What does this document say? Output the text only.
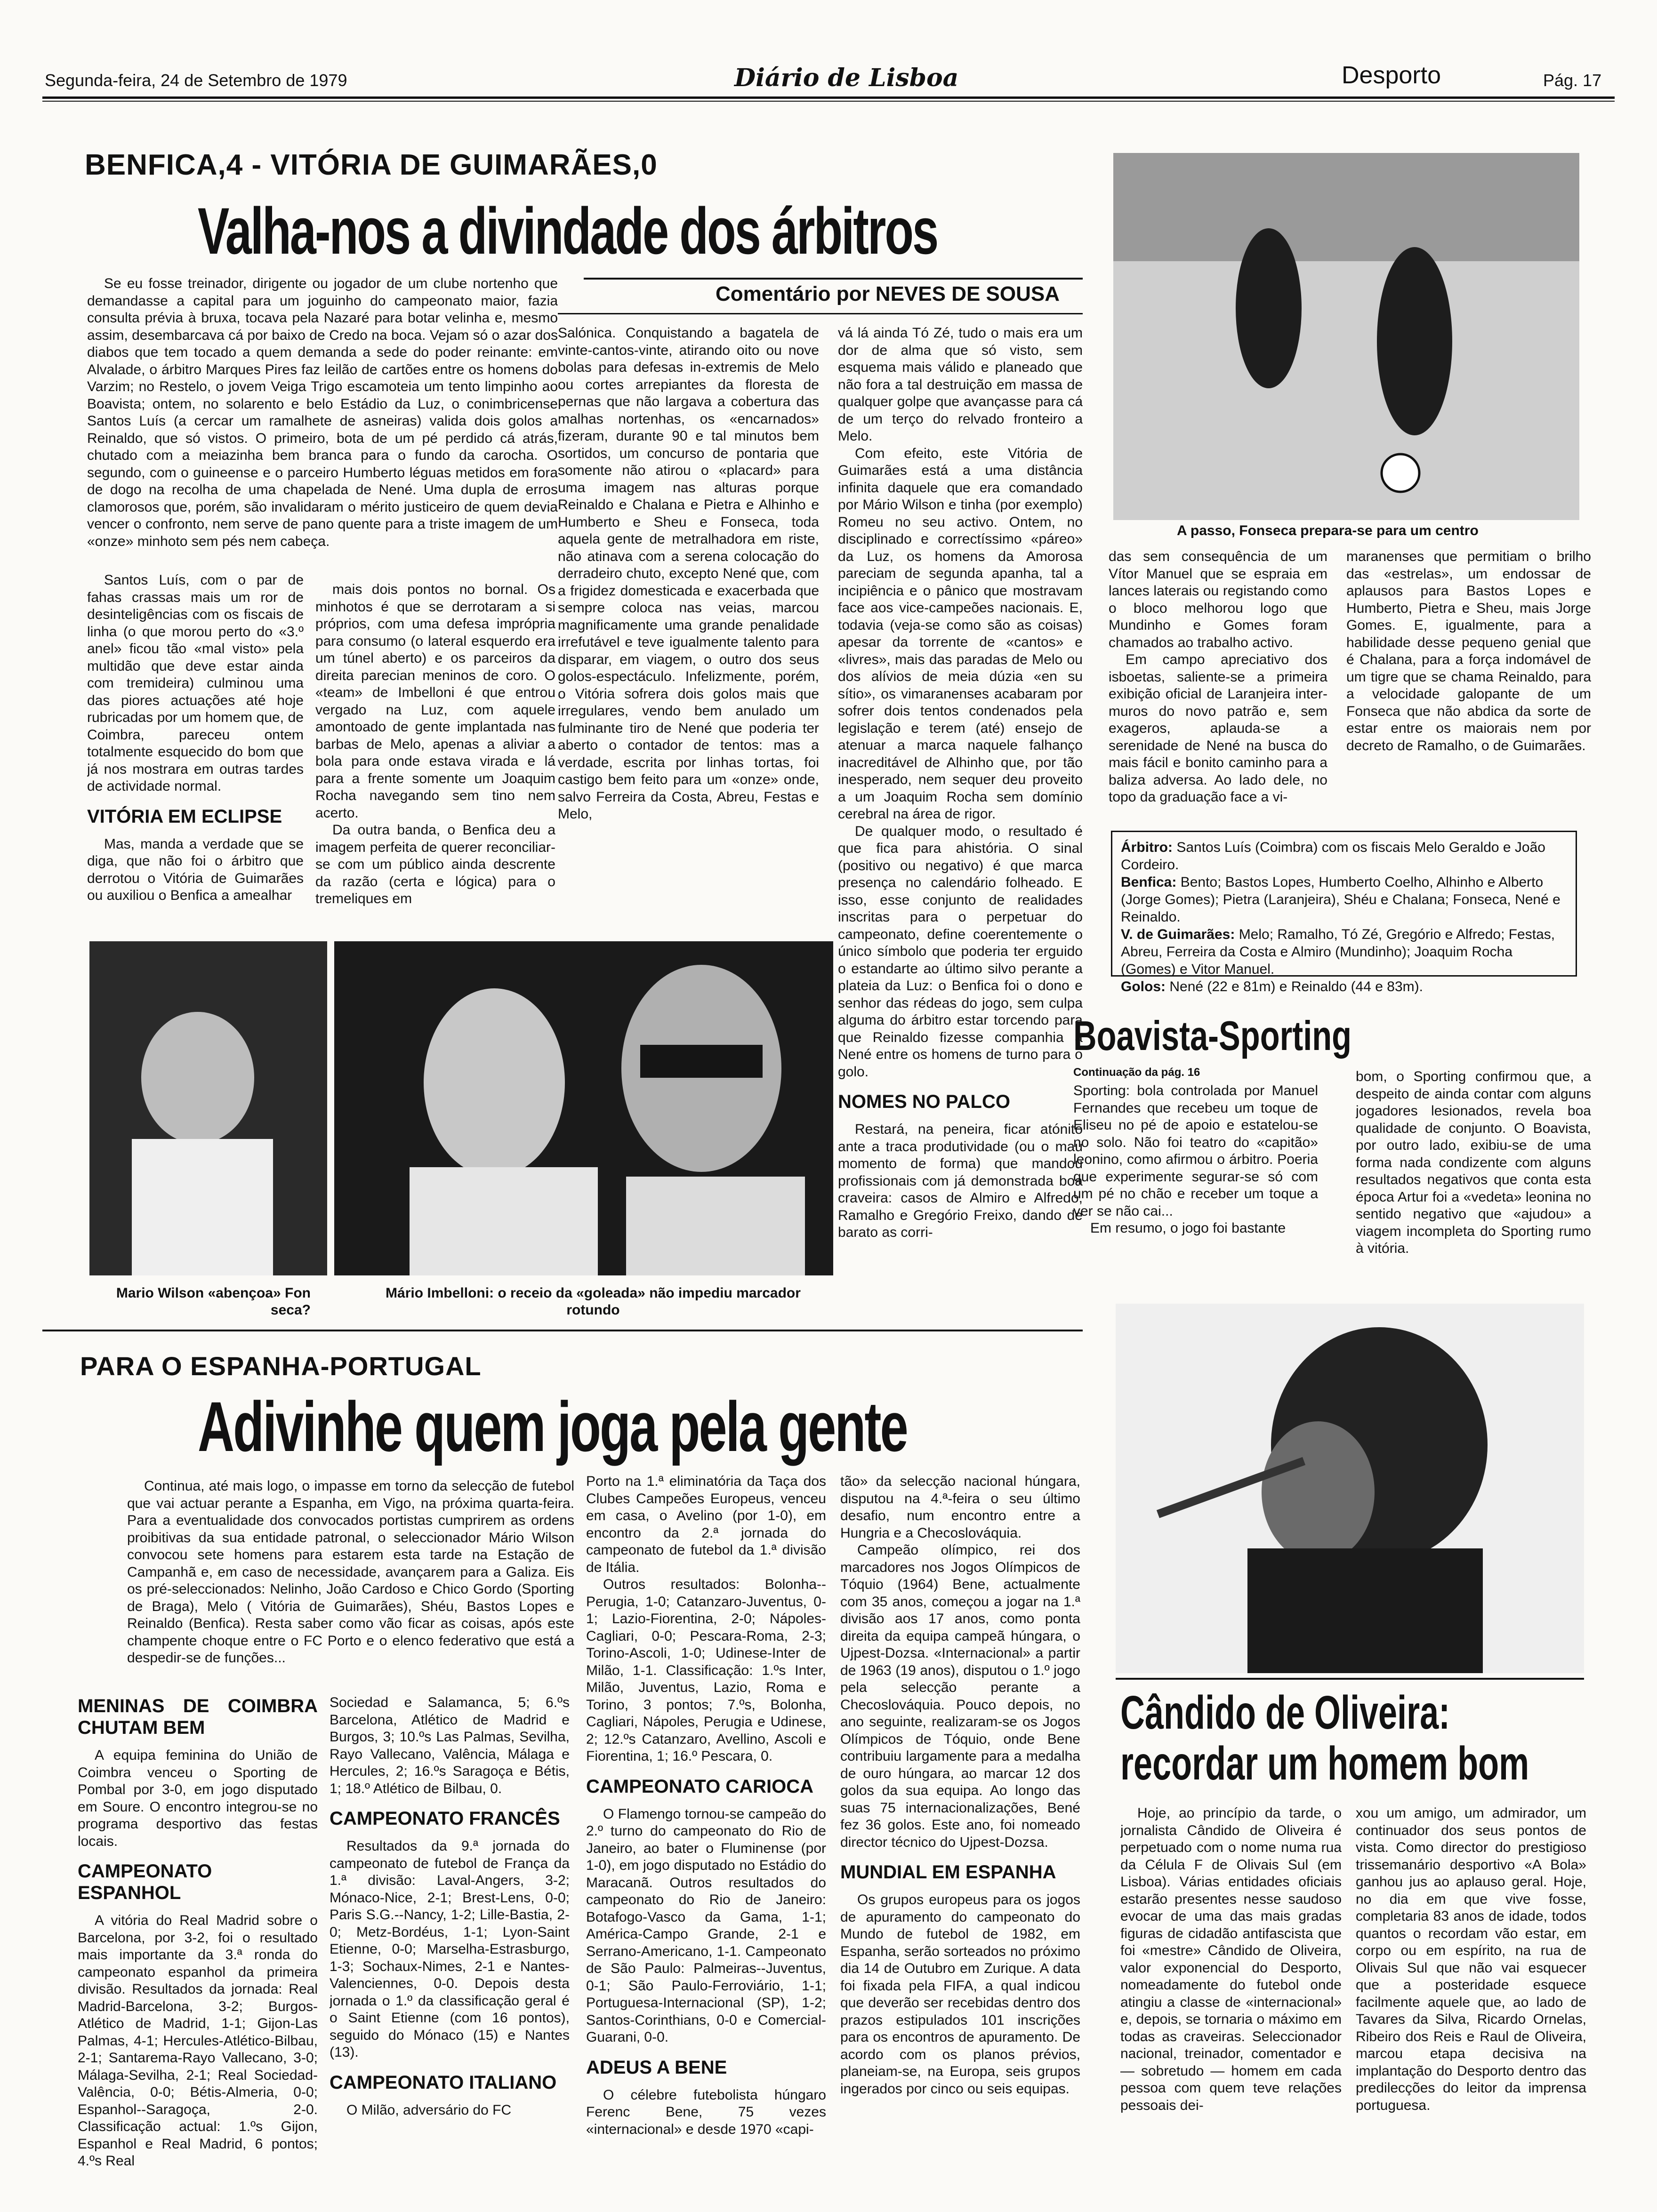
Segunda-feira, 24 de Setembro de 1979	Diário de Lisboa	Desporto	Pág. 17
BENFICA,4 - VITÓRIA DE GUIMARÃES,0
Valha-nos a divindade dos árbitros
Comentário por NEVES DE SOUSA

Se eu fosse treinador, dirigente ou jogador de um clube nortenho que demandasse a capital para um joguinho do campeonato maior, fazia consulta prévia à bruxa, tocava pela Nazaré para botar velinha e, mesmo assim, desembarcava cá por baixo de Credo na boca. Vejam só o azar dos diabos que tem tocado a quem demanda a sede do poder reinante: em Alvalade, o árbitro Marques Pires faz leilão de cartões entre os homens do Varzim; no Restelo, o jovem Veiga Trigo escamoteia um tento limpinho ao Boavista; ontem, no solarento e belo Estádio da Luz, o conimbricense Santos Luís (a cercar um ramalhete de asneiras) valida dois golos a Reinaldo, que só vistos. O primeiro, bota de um pé perdido cá atrás, chutado com a meiazinha bem branca para o fundo da carocha. O segundo, com o guineense e o parceiro Humberto léguas metidos em fora de dogo na recolha de uma chapelada de Nené. Uma dupla de erros clamorosos que, porém, são invalidaram o mérito justiceiro de quem devia vencer o confronto, nem serve de pano quente para a triste imagem de um «onze» minhoto sem pés nem cabeça.

Santos Luís, com o par de fahas crassas mais um ror de desinteligências com os fiscais de linha (o que morou perto do «3.º anel» ficou tão «mal visto» pela multidão que deve estar ainda com tremideira) culminou uma das piores actuações até hoje rubricadas por um homem que, de Coimbra, pareceu ontem totalmente esquecido do bom que já nos mostrara em outras tardes de actividade normal.

VITÓRIA EM ECLIPSE

Mas, manda a verdade que se diga, que não foi o árbitro que derrotou o Vitória de Guimarães ou auxiliou o Benfica a amealhar

mais dois pontos no bornal. Os minhotos é que se derrotaram a si próprios, com uma defesa imprópria para consumo (o lateral esquerdo era um túnel aberto) e os parceiros da direita parecian meninos de coro. O «team» de Imbelloni é que entrou vergado na Luz, com aquele amontoado de gente implantada nas barbas de Melo, apenas a aliviar a bola para onde estava virada e lá para a frente somente um Joaquim Rocha navegando sem tino nem acerto.

Da outra banda, o Benfica deu a imagem perfeita de querer reconciliar-se com um público ainda descrente da razão (certa e lógica) para o tremeliques em

Salónica. Conquistando a bagatela de vinte-cantos-vinte, atirando oito ou nove bolas para defesas in-extremis de Melo ou cortes arrepiantes da floresta de pernas que não largava a cobertura das malhas nortenhas, os «encarnados» fizeram, durante 90 e tal minutos bem sortidos, um concurso de pontaria que somente não atirou o «placard» para uma imagem nas alturas porque Reinaldo e Chalana e Pietra e Alhinho e Humberto e Sheu e Fonseca, toda aquela gente de metralhadora em riste, não atinava com a serena colocação do derradeiro chuto, excepto Nené que, com a frigidez domesticada e exacerbada que sempre coloca nas veias, marcou magnificamente uma grande penalidade irrefutável e teve igualmente talento para disparar, em viagem, o outro dos seus golos-espectáculo. Infelizmente, porém, o Vitória sofrera dois golos mais que irregulares, vendo bem anulado um fulminante tiro de Nené que poderia ter aberto o contador de tentos: mas a verdade, escrita por linhas tortas, foi castigo bem feito para um «onze» onde, salvo Ferreira da Costa, Abreu, Festas e Melo,

vá lá ainda Tó Zé, tudo o mais era um dor de alma que só visto, sem esquema mais válido e planeado que não fora a tal destruição em massa de qualquer golpe que avançasse para cá de um terço do relvado fronteiro a Melo.

Com efeito, este Vitória de Guimarães está a uma distância infinita daquele que era comandado por Mário Wilson e tinha (por exemplo) Romeu no seu activo. Ontem, no disciplinado e correctíssimo «páreo» da Luz, os homens da Amorosa pareciam de segunda apanha, tal a incipiência e o pânico que mostravam face aos vice-campeões nacionais. E, todavia (veja-se como são as coisas) apesar da torrente de «cantos» e «livres», mais das paradas de Melo ou dos alívios de meia dúzia «en su sítio», os vimaranenses acabaram por sofrer dois tentos condenados pela legislação e terem (até) ensejo de atenuar a marca naquele falhanço inacreditável de Alhinho que, por tão inesperado, nem sequer deu proveito a um Joaquim Rocha sem domínio cerebral na área de rigor.

De qualquer modo, o resultado é que fica para ahistória. O sinal (positivo ou negativo) é que marca presença no calendário folheado. E isso, esse conjunto de realidades inscritas para o perpetuar do campeonato, define coerentemente o único símbolo que poderia ter erguido o estandarte ao último silvo perante a plateia da Luz: o Benfica foi o dono e senhor das rédeas do jogo, sem culpa alguma do árbitro estar torcendo para que Reinaldo fizesse companhia a Nené entre os homens de turno para o golo.

NOMES NO PALCO

Restará, na peneira, ficar atónito ante a traca produtividade (ou o mau momento de forma) que mandou profissionais com já demonstrada boa craveira: casos de Almiro e Alfredo, Ramalho e Gregório Freixo, dando de barato as corri-

A passo, Fonseca prepara-se para um centro

das sem consequência de um Vítor Manuel que se espraia em lances laterais ou registando como o bloco melhorou logo que Mundinho e Gomes foram chamados ao trabalho activo.

Em campo apreciativo dos isboetas, saliente-se a primeira exibição oficial de Laranjeira inter-muros do novo patrão e, sem exageros, aplauda-se a serenidade de Nené na busca do mais fácil e bonito caminho para a baliza adversa. Ao lado dele, no topo da graduação face a vi-

maranenses que permitiam o brilho das «estrelas», um endossar de aplausos para Bastos Lopes e Humberto, Pietra e Sheu, mais Jorge Gomes. E, igualmente, para a habilidade desse pequeno genial que é Chalana, para a força indomável de um tigre que se chama Reinaldo, para a velocidade galopante de um Fonseca que não abdica da sorte de estar entre os maiorais nem por decreto de Ramalho, o de Guimarães.

Árbitro: Santos Luís (Coimbra) com os fiscais Melo Geraldo e João Cordeiro.
Benfica: Bento; Bastos Lopes, Humberto Coelho, Alhinho e Alberto (Jorge Gomes); Pietra (Laranjeira), Shéu e Chalana; Fonseca, Nené e Reinaldo.
V. de Guimarães: Melo; Ramalho, Tó Zé, Gregório e Alfredo; Festas, Abreu, Ferreira da Costa e Almiro (Mundinho); Joaquim Rocha (Gomes) e Vitor Manuel.
Golos: Nené (22 e 81m) e Reinaldo (44 e 83m).
Mario Wilson «abençoa» Fon seca?
Mário Imbelloni: o receio da «goleada» não impediu marcador rotundo
Boavista-Sporting
Continuação da pág. 16

Sporting: bola controlada por Manuel Fernandes que recebeu um toque de Eliseu no pé de apoio e estatelou-se no solo. Não foi teatro do «capitão» leonino, como afirmou o árbitro. Poeria que experimente segurar-se só com um pé no chão e receber um toque a ver se não cai...

Em resumo, o jogo foi bastante

bom, o Sporting confirmou que, a despeito de ainda contar com alguns jogadores lesionados, revela boa qualidade de conjunto. O Boavista, por outro lado, exibiu-se de uma forma nada condizente com alguns resultados negativos que conta esta época Artur foi a «vedeta» leonina no sentido negativo que «ajudou» a viagem incompleta do Sporting rumo à vitória.

Cândido de Oliveira: recordar um homem bom

Hoje, ao princípio da tarde, o jornalista Cândido de Oliveira é perpetuado com o nome numa rua da Célula F de Olivais Sul (em Lisboa). Várias entidades oficiais estarão presentes nesse saudoso evocar de uma das mais gradas figuras de cidadão antifascista que foi «mestre» Cândido de Oliveira, valor exponencial do Desporto, nomeadamente do futebol onde atingiu a classe de «internacional» e, depois, se tornaria o máximo em todas as craveiras. Seleccionador nacional, treinador, comentador e — sobretudo — homem em cada pessoa com quem teve relações pessoais dei-

xou um amigo, um admirador, um continuador dos seus pontos de vista. Como director do prestigioso trissemanário desportivo «A Bola» ganhou jus ao aplauso geral. Hoje, no dia em que vive fosse, completaria 83 anos de idade, todos quantos o recordam vão estar, em corpo ou em espírito, na rua de Olivais Sul que não vai esquecer que a posteridade esquece facilmente aquele que, ao lado de Tavares da Silva, Ricardo Ornelas, Ribeiro dos Reis e Raul de Oliveira, marcou etapa decisiva na implantação do Desporto dentro das predilecções do leitor da imprensa portuguesa.

PARA O ESPANHA-PORTUGAL
Adivinhe quem joga pela gente

Continua, até mais logo, o impasse em torno da selecção de futebol que vai actuar perante a Espanha, em Vigo, na próxima quarta-feira. Para a eventualidade dos convocados portistas cumprirem as ordens proibitivas da sua entidade patronal, o seleccionador Mário Wilson convocou sete homens para estarem esta tarde na Estação de Campanhã e, em caso de necessidade, avançarem para a Galiza. Eis os pré-seleccionados: Nelinho, João Cardoso e Chico Gordo (Sporting de Braga), Melo ( Vitória de Guimarães), Shéu, Bastos Lopes e Reinaldo (Benfica). Resta saber como vão ficar as coisas, após este champente choque entre o FC Porto e o elenco federativo que está a despedir-se de funções...

MENINAS DE COIMBRA CHUTAM BEM

A equipa feminina do União de Coimbra venceu o Sporting de Pombal por 3-0, em jogo disputado em Soure. O encontro integrou-se no programa desportivo das festas locais.

CAMPEONATO ESPANHOL

A vitória do Real Madrid sobre o Barcelona, por 3-2, foi o resultado mais importante da 3.ª ronda do campeonato espanhol da primeira divisão. Resultados da jornada: Real Madrid-Barcelona, 3-2; Burgos-Atlético de Madrid, 1-1; Gijon-Las Palmas, 4-1; Hercules-Atlético-Bilbau, 2-1; Santarema-Rayo Vallecano, 3-0; Málaga-Sevilha, 2-1; Real Sociedad-Valência, 0-0; Bétis-Almeria, 0-0; Espanhol--Saragoça, 2-0. Classificação actual: 1.ºs Gijon, Espanhol e Real Madrid, 6 pontos; 4.ºs Real

Sociedad e Salamanca, 5; 6.ºs Barcelona, Atlético de Madrid e Burgos, 3; 10.ºs Las Palmas, Sevilha, Rayo Vallecano, Valência, Málaga e Hercules, 2; 16.ºs Saragoça e Bétis, 1; 18.º Atlético de Bilbau, 0.

CAMPEONATO FRANCÊS

Resultados da 9.ª jornada do campeonato de futebol de França da 1.ª divisão: Laval-Angers, 3-2; Mónaco-Nice, 2-1; Brest-Lens, 0-0; Paris S.G.--Nancy, 1-2; Lille-Bastia, 2-0; Metz-Bordéus, 1-1; Lyon-Saint Etienne, 0-0; Marselha-Estrasburgo, 1-3; Sochaux-Nimes, 2-1 e Nantes-Valenciennes, 0-0. Depois desta jornada o 1.º da classificação geral é o Saint Etienne (com 16 pontos), seguido do Mónaco (15) e Nantes (13).

CAMPEONATO ITALIANO

O Milão, adversário do FC

Porto na 1.ª eliminatória da Taça dos Clubes Campeões Europeus, venceu em casa, o Avelino (por 1-0), em encontro da 2.ª jornada do campeonato de futebol da 1.ª divisão de Itália.

Outros resultados: Bolonha--Perugia, 1-0; Catanzaro-Juventus, 0-1; Lazio-Fiorentina, 2-0; Nápoles-Cagliari, 0-0; Pescara-Roma, 2-3; Torino-Ascoli, 1-0; Udinese-Inter de Milão, 1-1. Classificação: 1.ºs Inter, Milão, Juventus, Lazio, Roma e Torino, 3 pontos; 7.ºs, Bolonha, Cagliari, Nápoles, Perugia e Udinese, 2; 12.ºs Catanzaro, Avellino, Ascoli e Fiorentina, 1; 16.º Pescara, 0.

CAMPEONATO CARIOCA

O Flamengo tornou-se campeão do 2.º turno do campeonato do Rio de Janeiro, ao bater o Fluminense (por 1-0), em jogo disputado no Estádio do Maracanã. Outros resultados do campeonato do Rio de Janeiro: Botafogo-Vasco da Gama, 1-1; América-Campo Grande, 2-1 e Serrano-Americano, 1-1. Campeonato de São Paulo: Palmeiras--Juventus, 0-1; São Paulo-Ferroviário, 1-1; Portuguesa-Internacional (SP), 1-2; Santos-Corinthians, 0-0 e Comercial-Guarani, 0-0.

ADEUS A BENE

O célebre futebolista húngaro Ferenc Bene, 75 vezes «internacional» e desde 1970 «capi-

tão» da selecção nacional húngara, disputou na 4.ª-feira o seu último desafio, num encontro entre a Hungria e a Checoslováquia.

Campeão olímpico, rei dos marcadores nos Jogos Olímpicos de Tóquio (1964) Bene, actualmente com 35 anos, começou a jogar na 1.ª divisão aos 17 anos, como ponta direita da equipa campeã húngara, o Ujpest-Dozsa. «Internacional» a partir de 1963 (19 anos), disputou o 1.º jogo pela selecção perante a Checoslováquia. Pouco depois, no ano seguinte, realizaram-se os Jogos Olímpicos de Tóquio, onde Bene contribuiu largamente para a medalha de ouro húngara, ao marcar 12 dos golos da sua equipa. Ao longo das suas 75 internacionalizações, Bené fez 36 golos. Este ano, foi nomeado director técnico do Ujpest-Dozsa.

MUNDIAL EM ESPANHA

Os grupos europeus para os jogos de apuramento do campeonato do Mundo de futebol de 1982, em Espanha, serão sorteados no próximo dia 14 de Outubro em Zurique. A data foi fixada pela FIFA, a qual indicou que deverão ser recebidas dentro dos prazos estipulados 101 inscrições para os encontros de apuramento. De acordo com os planos prévios, planeiam-se, na Europa, seis grupos ingerados por cinco ou seis equipas.
